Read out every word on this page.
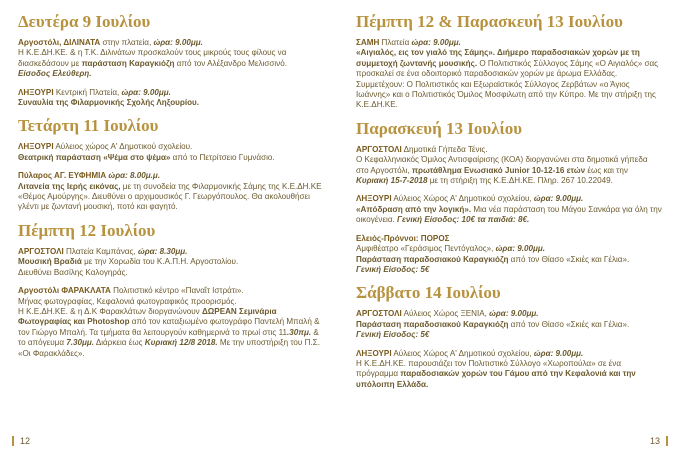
Δευτέρα 9 Ιουλίου
Αργοστόλι, ΔΙΛΙΝΑΤΑ στην πλατεία, ώρα: 9.00μμ.
Η Κ.Ε.ΔΗ.ΚΕ. & η Τ.Κ. Διλινάτων προσκαλούν τους μικρούς τους φίλους να διασκεδάσουν με παράσταση Καραγκιόζη από τον Αλέξανδρο Μελισσινό.
Είσοδος Ελεύθερη.
ΛΗΞΟΥΡΙ Κεντρική Πλατεία, ώρα: 9.00μμ.
Συναυλία της Φιλαρμονικής Σχολής Ληξουρίου.
Τετάρτη 11 Ιουλίου
ΛΗΞΟΥΡΙ Αύλειος χώρος Α' Δημοτικού σχολείου.
Θεατρική παράσταση «Ψέμα στο ψέμα» από το Πετρίτσειο Γυμνάσιο.
Πύλαρος ΑΓ. ΕΥΦΗΜΙΑ ώρα: 8.00μ.μ.
Λιτανεία της Ιερής εικόνας, με τη συνοδεία της Φιλαρμονικής Σάμης της Κ.Ε.ΔΗ.ΚΕ «Θέμος Αμούργης». Διευθύνει ο αρχιμουσικός Γ. Γεωργόπουλος. Θα ακολουθήσει γλέντι με ζωντανή μουσική, ποτό και φαγητό.
Πέμπτη 12 Ιουλίου
ΑΡΓΟΣΤΟΛΙ Πλατεία Καμπάνας, ώρα: 8.30μμ.
Μουσική Βραδιά με την Χορωδία του Κ.Α.Π.Η. Αργοστολίου.
Διευθύνει Βασίλης Καλογηράς.
Αργοστόλι ΦΑΡΑΚΛΑΤΑ Πολιτιστικό κέντρο «Παναΐτ Ιστράτι».
Μήνας φωτογραφίας, Κεφαλονιά φωτογραφικός προορισμός.
Η Κ.Ε.ΔΗ.ΚΕ. & η Δ.Κ Φαρακλάτων διοργανώνουν ΔΩΡΕΑΝ Σεμινάρια Φωτογραφίας και Photoshop από τον καταξιωμένο φωτογράφο Παντελή Μπαλή & τον Γιώργο Μπαλή. Τα τμήματα θα λειτουργούν καθημερινά το πρωί στις 11.30πμ. & το απόγευμα 7.30μμ. Διάρκεια έως Κυριακή 12/8 2018. Με την υποστήριξη του Π.Σ. «Οι Φαρακλάδες».
Πέμπτη 12 & Παρασκευή 13 Ιουλίου
ΣΑΜΗ Πλατεία ώρα: 9.00μμ.
«Αιγιαλός, εις τον γιαλό της Σάμης». Διήμερο παραδοσιακών χορών με τη συμμετοχή ζωντανής μουσικής. Ο Πολιτιστικός Σύλλογος Σάμης «Ο Αιγιαλός» σας προσκαλεί σε ένα οδοιπορικό παραδοσιακών χορών με άρωμα Ελλάδας. Συμμετέχουν: Ο Πολιτιστικός και Εξωραϊστικός Σύλλογος Ζερβάτων «ο Άγιος Ιωάννης» και ο Πολιτιστικός Όμιλος Μοσφιλωτη από την Κύπρο. Με την στήριξη της Κ.Ε.ΔΗ.ΚΕ.
Παρασκευή 13 Ιουλίου
ΑΡΓΟΣΤΟΛΙ Δημοτικά Γήπεδα Τένις.
Ο Κεφαλληνιακός Όμιλος Αντισφαίρισης (ΚΟΑ) διοργανώνει στα δημοτικά γήπεδα στο Αργοστόλι, πρωτάθλημα Ενωσιακό Junior 10-12-16 ετών έως και την Κυριακή 15-7-2018 με τη στήριξη της Κ.Ε.ΔΗ.ΚΕ. Πληρ. 267 10.22049.
ΛΗΞΟΥΡΙ Αύλειος Χώρος Α' Δημοτικού σχολείου, ώρα: 9.00μμ.
«Απόδραση από την λογική». Μια νέα παράσταση του Μάγου Σανκάρα για όλη την οικογένεια. Γενική Είσοδος: 10€ τα παιδιά: 8€.
Ελειός-Πρόννοι: ΠΟΡΟΣ
Αμφιθέατρο «Γεράσιμος Πεντόγαλος», ώρα: 9.00μμ.
Παράσταση παραδοσιακού Καραγκιόζη από τον Θίασο «Σκιές και Γέλια».
Γενική Είσοδος: 5€
Σάββατο 14 Ιουλίου
ΑΡΓΟΣΤΟΛΙ Αύλειος Χώρος ΞΕΝΙΑ, ώρα: 9.00μμ.
Παράσταση παραδοσιακού Καραγκιόζη από τον Θίασο «Σκιές και Γέλια».
Γενική Είσοδος: 5€
ΛΗΞΟΥΡΙ Αύλειος Χώρος Α' Δημοτικού σχολείου, ώρα: 9.00μμ.
Η Κ.Ε.ΔΗ.ΚΕ. παρουσιάζει τον Πολιτιστικό Σύλλογο «Χωροπούλα» σε ένα πρόγραμμα παραδοσιακών χορών του Γάμου από την Κεφαλονιά και την υπόλοιπη Ελλάδα.
12	13
